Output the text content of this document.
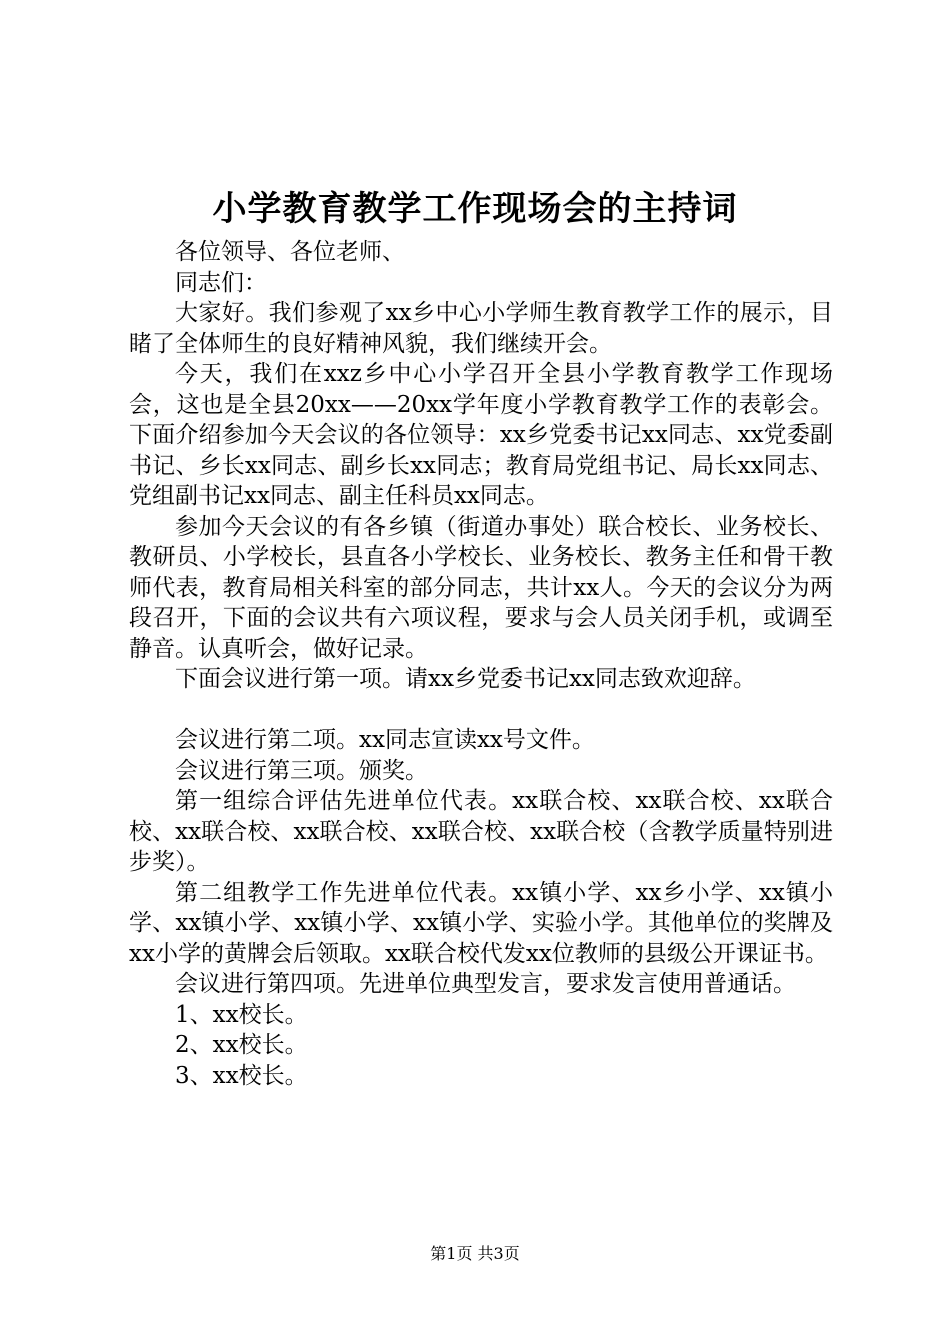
小学教育教学工作现场会的主持词

各位领导、各位老师、

同志们：

大家好。我们参观了xx乡中心小学师生教育教学工作的展示，目睹了全体师生的良好精神风貌，我们继续开会。

今天，我们在xxz乡中心小学召开全县小学教育教学工作现场会，这也是全县20xx——20xx学年度小学教育教学工作的表彰会。下面介绍参加今天会议的各位领导：xx乡党委书记xx同志、xx党委副书记、乡长xx同志、副乡长xx同志；教育局党组书记、局长xx同志、党组副书记xx同志、副主任科员xx同志。

参加今天会议的有各乡镇（街道办事处）联合校长、业务校长、教研员、小学校长，县直各小学校长、业务校长、教务主任和骨干教师代表，教育局相关科室的部分同志，共计xx人。今天的会议分为两段召开，下面的会议共有六项议程，要求与会人员关闭手机，或调至静音。认真听会，做好记录。

下面会议进行第一项。请xx乡党委书记xx同志致欢迎辞。

会议进行第二项。xx同志宣读xx号文件。

会议进行第三项。颁奖。

第一组综合评估先进单位代表。xx联合校、xx联合校、xx联合校、xx联合校、xx联合校、xx联合校、xx联合校（含教学质量特别进步奖）。

第二组教学工作先进单位代表。xx镇小学、xx乡小学、xx镇小学、xx镇小学、xx镇小学、xx镇小学、实验小学。其他单位的奖牌及xx小学的黄牌会后领取。xx联合校代发xx位教师的县级公开课证书。

会议进行第四项。先进单位典型发言，要求发言使用普通话。

1、xx校长。

2、xx校长。

3、xx校长。

第1页 共3页
